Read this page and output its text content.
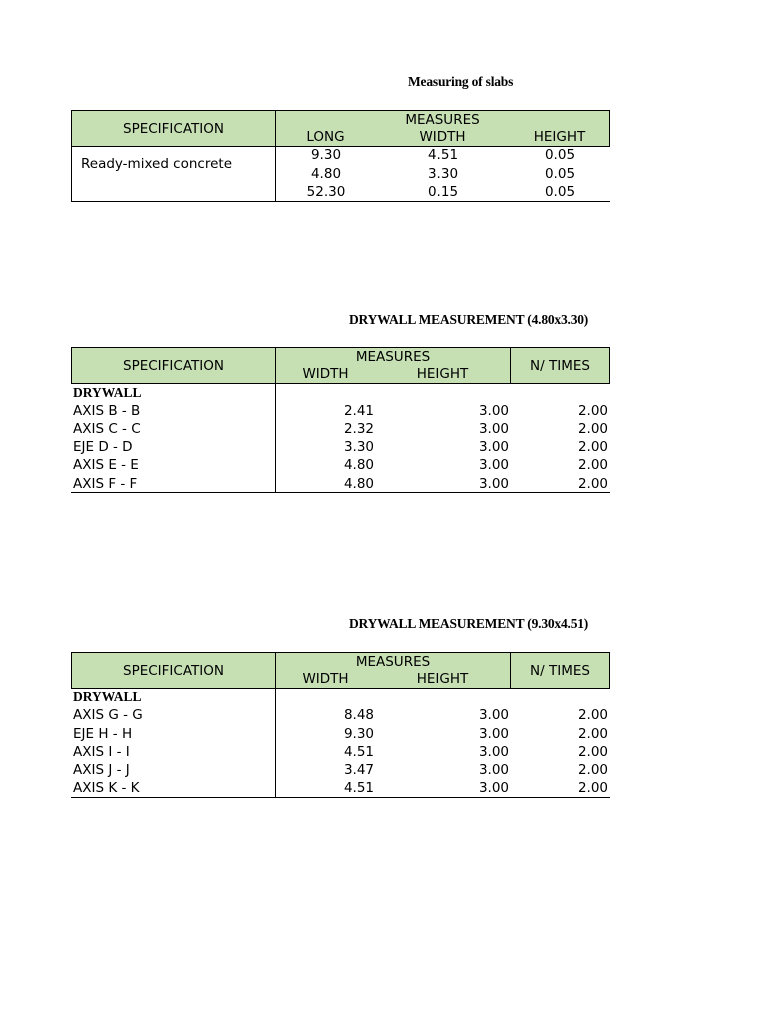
Measuring of slabs
SPECIFICATION
MEASURES
LONG	WIDTH	HEIGHT
Ready-mixed concrete
9.30	4.51	0.05
4.80	3.30	0.05
52.30	0.15	0.05
DRYWALL MEASUREMENT (4.80x3.30)
SPECIFICATION
MEASURES
N/ TIMES
WIDTH	HEIGHT
DRYWALL
AXIS B - B	2.41	3.00	2.00
AXIS C - C	2.32	3.00	2.00
EJE D - D	3.30	3.00	2.00
AXIS E - E	4.80	3.00	2.00
AXIS F - F	4.80	3.00	2.00
DRYWALL MEASUREMENT (9.30x4.51)
SPECIFICATION
MEASURES
N/ TIMES
WIDTH	HEIGHT
DRYWALL
AXIS G - G	8.48	3.00	2.00
EJE H - H	9.30	3.00	2.00
AXIS I - I	4.51	3.00	2.00
AXIS J - J	3.47	3.00	2.00
AXIS K - K	4.51	3.00	2.00
